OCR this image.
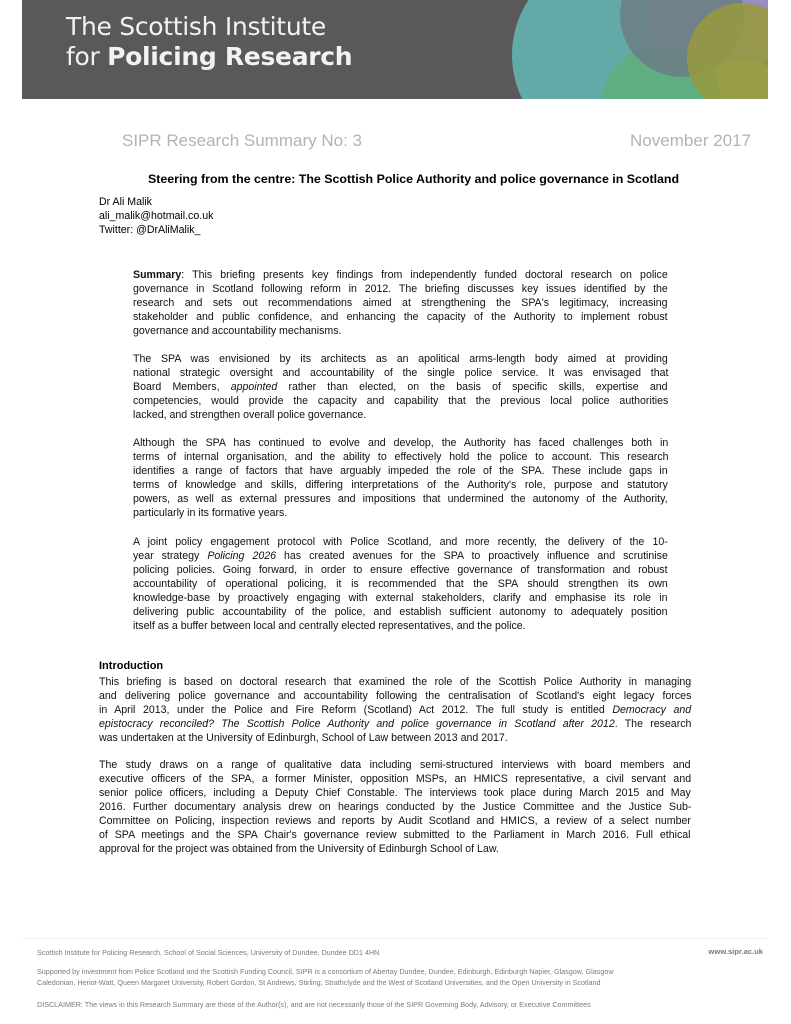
The Scottish Institute
for Policing Research
SIPR Research Summary No: 3	November 2017
Steering from the centre: The Scottish Police Authority and police governance in Scotland
Dr Ali Malik
ali_malik@hotmail.co.uk
Twitter: @DrAliMalik_
Summary: This briefing presents key findings from independently funded doctoral research on police
governance in Scotland following reform in 2012. The briefing discusses key issues identified by the
research and sets out recommendations aimed at strengthening the SPA's legitimacy, increasing
stakeholder and public confidence, and enhancing the capacity of the Authority to implement robust
governance and accountability mechanisms.
The SPA was envisioned by its architects as an apolitical arms-length body aimed at providing
national strategic oversight and accountability of the single police service. It was envisaged that
Board Members, appointed rather than elected, on the basis of specific skills, expertise and
competencies, would provide the capacity and capability that the previous local police authorities
lacked, and strengthen overall police governance.
Although the SPA has continued to evolve and develop, the Authority has faced challenges both in
terms of internal organisation, and the ability to effectively hold the police to account. This research
identifies a range of factors that have arguably impeded the role of the SPA. These include gaps in
terms of knowledge and skills, differing interpretations of the Authority's role, purpose and statutory
powers, as well as external pressures and impositions that undermined the autonomy of the Authority,
particularly in its formative years.
A joint policy engagement protocol with Police Scotland, and more recently, the delivery of the 10-
year strategy Policing 2026 has created avenues for the SPA to proactively influence and scrutinise
policing policies. Going forward, in order to ensure effective governance of transformation and robust
accountability of operational policing, it is recommended that the SPA should strengthen its own
knowledge-base by proactively engaging with external stakeholders, clarify and emphasise its role in
delivering public accountability of the police, and establish sufficient autonomy to adequately position
itself as a buffer between local and centrally elected representatives, and the police.
Introduction
This briefing is based on doctoral research that examined the role of the Scottish Police Authority in managing
and delivering police governance and accountability following the centralisation of Scotland's eight legacy forces
in April 2013, under the Police and Fire Reform (Scotland) Act 2012. The full study is entitled Democracy and
epistocracy reconciled? The Scottish Police Authority and police governance in Scotland after 2012. The research
was undertaken at the University of Edinburgh, School of Law between 2013 and 2017.
The study draws on a range of qualitative data including semi-structured interviews with board members and
executive officers of the SPA, a former Minister, opposition MSPs, an HMICS representative, a civil servant and
senior police officers, including a Deputy Chief Constable. The interviews took place during March 2015 and May
2016. Further documentary analysis drew on hearings conducted by the Justice Committee and the Justice Sub-
Committee on Policing, inspection reviews and reports by Audit Scotland and HMICS, a review of a select number
of SPA meetings and the SPA Chair's governance review submitted to the Parliament in March 2016. Full ethical
approval for the project was obtained from the University of Edinburgh School of Law.
Scottish Institute for Policing Research, School of Social Sciences, University of Dundee, Dundee DD1 4HN	www.sipr.ac.uk
Supported by investment from Police Scotland and the Scottish Funding Council, SIPR is a consortium of Abertay Dundee, Dundee, Edinburgh, Edinburgh Napier, Glasgow, Glasgow
Caledonian, Heriot-Watt, Queen Margaret University, Robert Gordon, St Andrews, Stirling, Strathclyde and the West of Scotland Universities, and the Open University in Scotland
DISCLAIMER: The views in this Research Summary are those of the Author(s), and are not necessarily those of the SIPR Governing Body, Advisory, or Executive Committees
